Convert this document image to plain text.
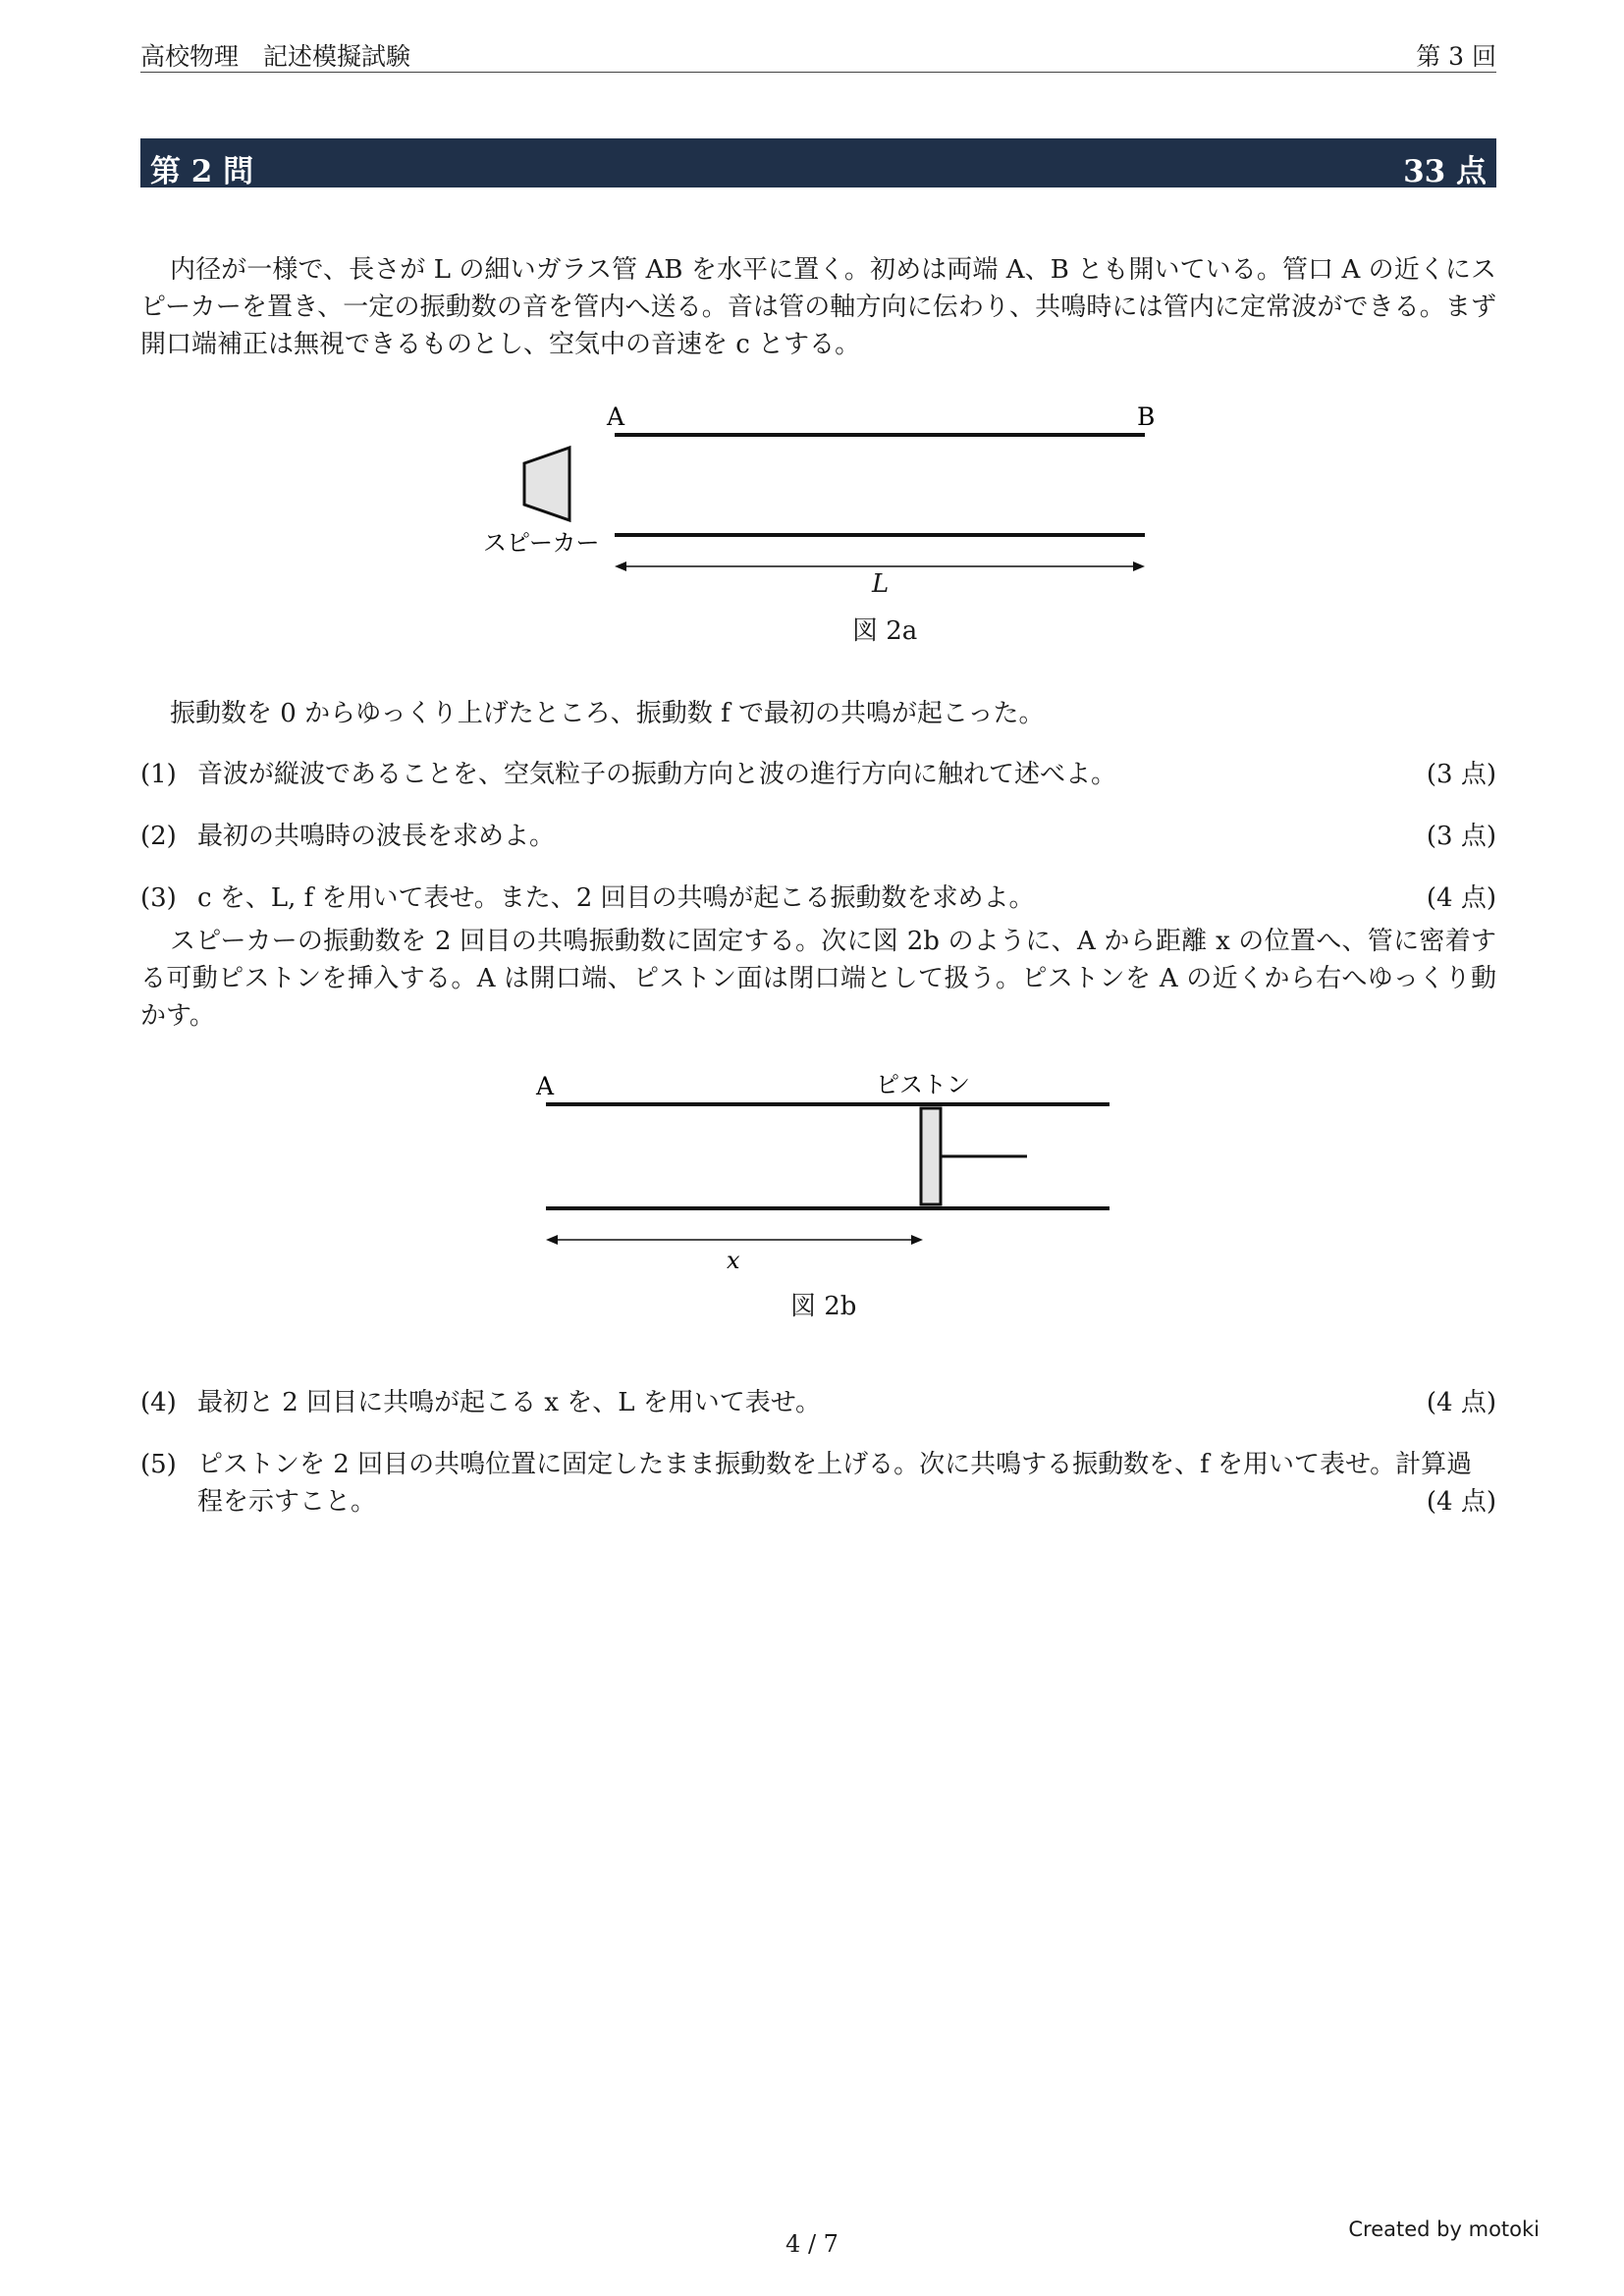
高校物理　記述模擬試験	第 3 回
第 2 問	33 点

内径が一様で、長さが L の細いガラス管 AB を水平に置く。初めは両端 A、B とも開いている。管口 A の近くにスピーカーを置き、一定の振動数の音を管内へ送る。音は管の軸方向に伝わり、共鳴時には管内に定常波ができる。まず開口端補正は無視できるものとし、空気中の音速を c とする。

A	B
スピーカー
L
図 2a

振動数を 0 からゆっくり上げたところ、振動数 f で最初の共鳴が起こった。

(1) 音波が縦波であることを、空気粒子の振動方向と波の進行方向に触れて述べよ。	(3 点)
(2) 最初の共鳴時の波長を求めよ。	(3 点)
(3) c を、L, f を用いて表せ。また、2 回目の共鳴が起こる振動数を求めよ。	(4 点)

スピーカーの振動数を 2 回目の共鳴振動数に固定する。次に図 2b のように、A から距離 x の位置へ、管に密着する可動ピストンを挿入する。A は開口端、ピストン面は閉口端として扱う。ピストンを A の近くから右へゆっくり動かす。

A	ピストン
x
図 2b
(4) 最初と 2 回目に共鳴が起こる x を、L を用いて表せ。	(4 点)
(5) ピストンを 2 回目の共鳴位置に固定したまま振動数を上げる。次に共鳴する振動数を、f を用いて表せ。計算過程を示すこと。	(4 点)
4 / 7
Created by motoki
